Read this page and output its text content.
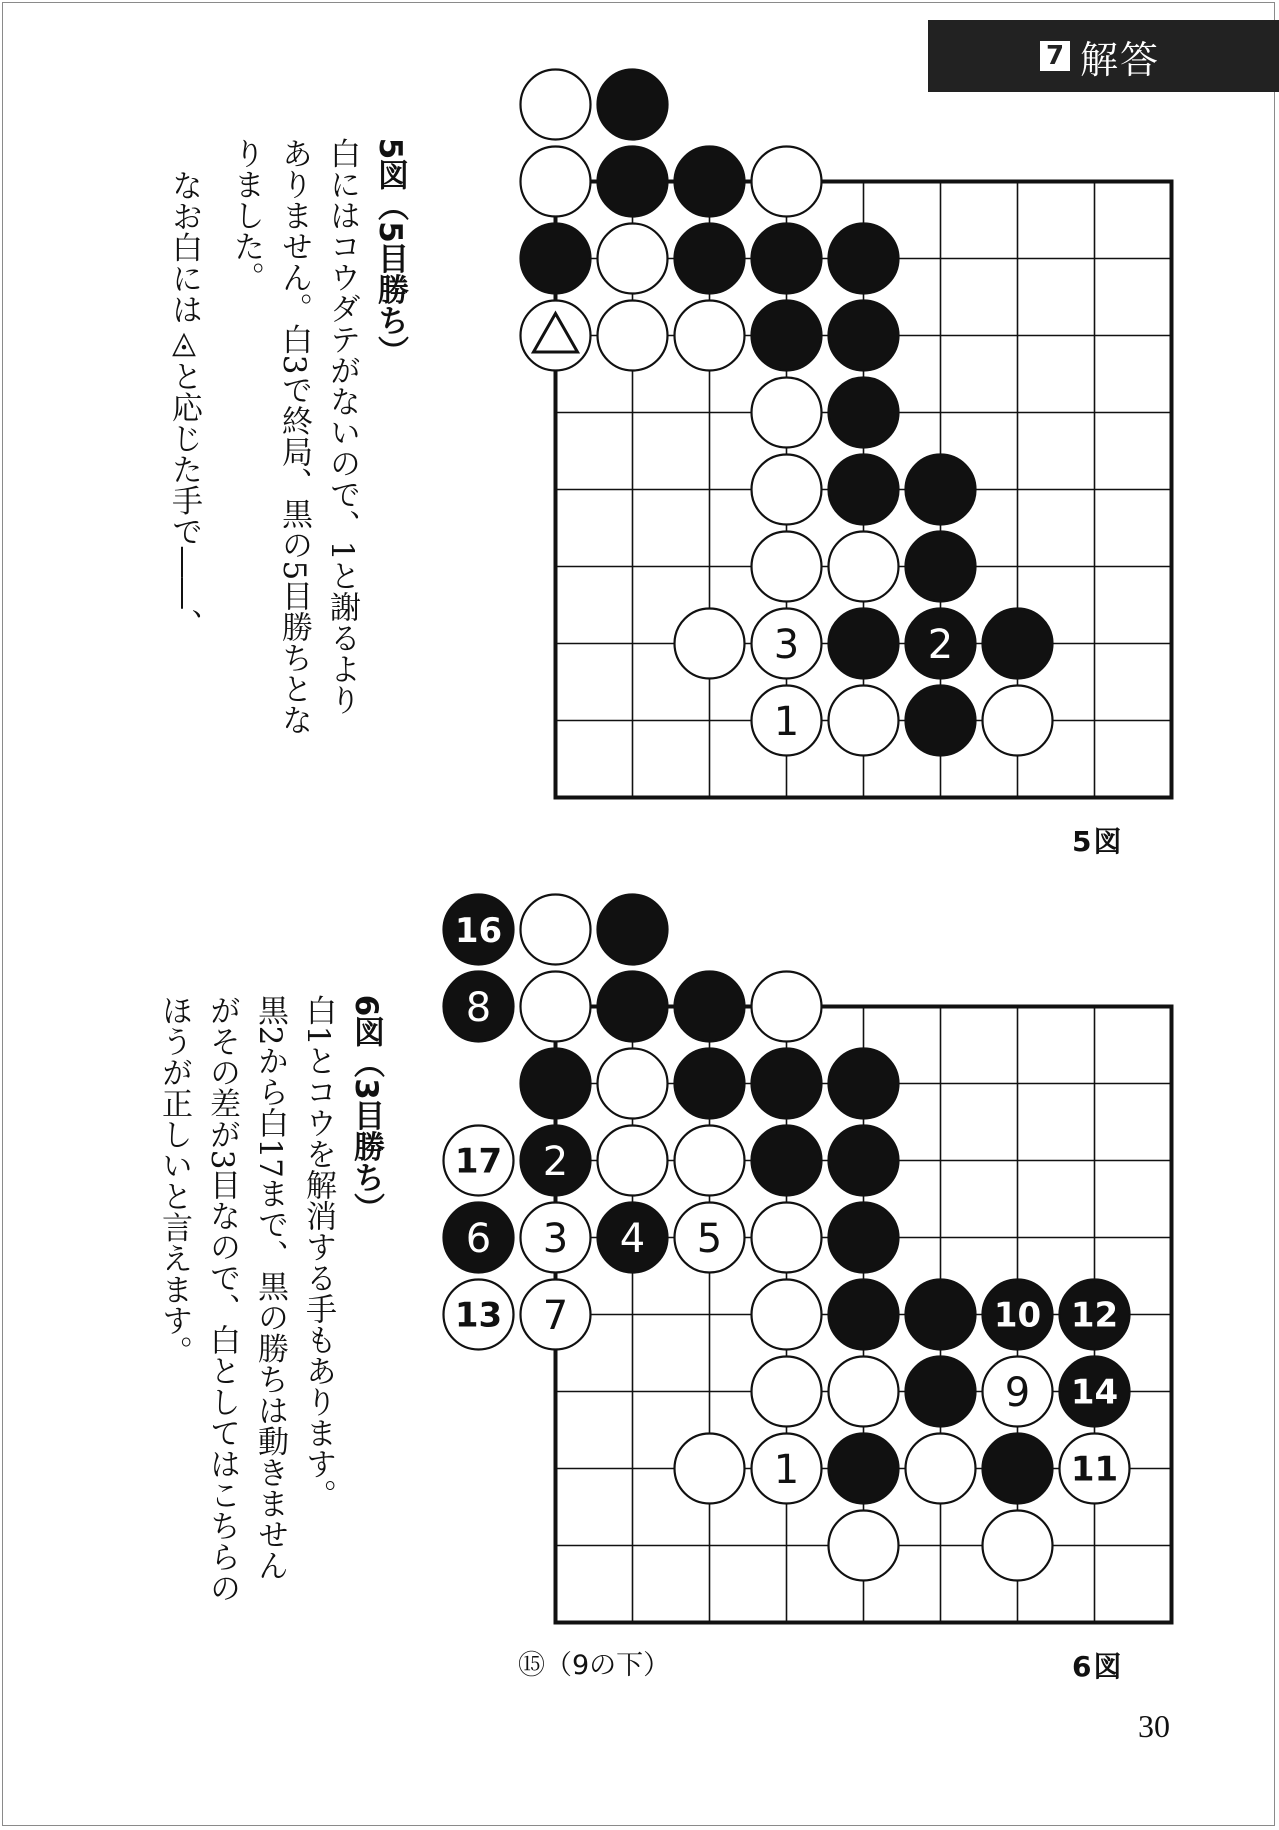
7 解答

5図（5目勝ち）
白にはコウダテがないので、1と謝るより
ありません。白3で終局、黒の5目勝ちとな
りました。

なお白には◬と応じた手で――、

6図（3目勝ち）
白1とコウを解消する手もあります。
黒2から白17まで、黒の勝ちは動きません
がその差が3目なので、白としてはこちらの
ほうが正しいと言えます。

3	2
1
16
8
17 2
6 3 4 5
13 7	10 12
9 14
1	11
5図
6図
⑮（9の下）
30
